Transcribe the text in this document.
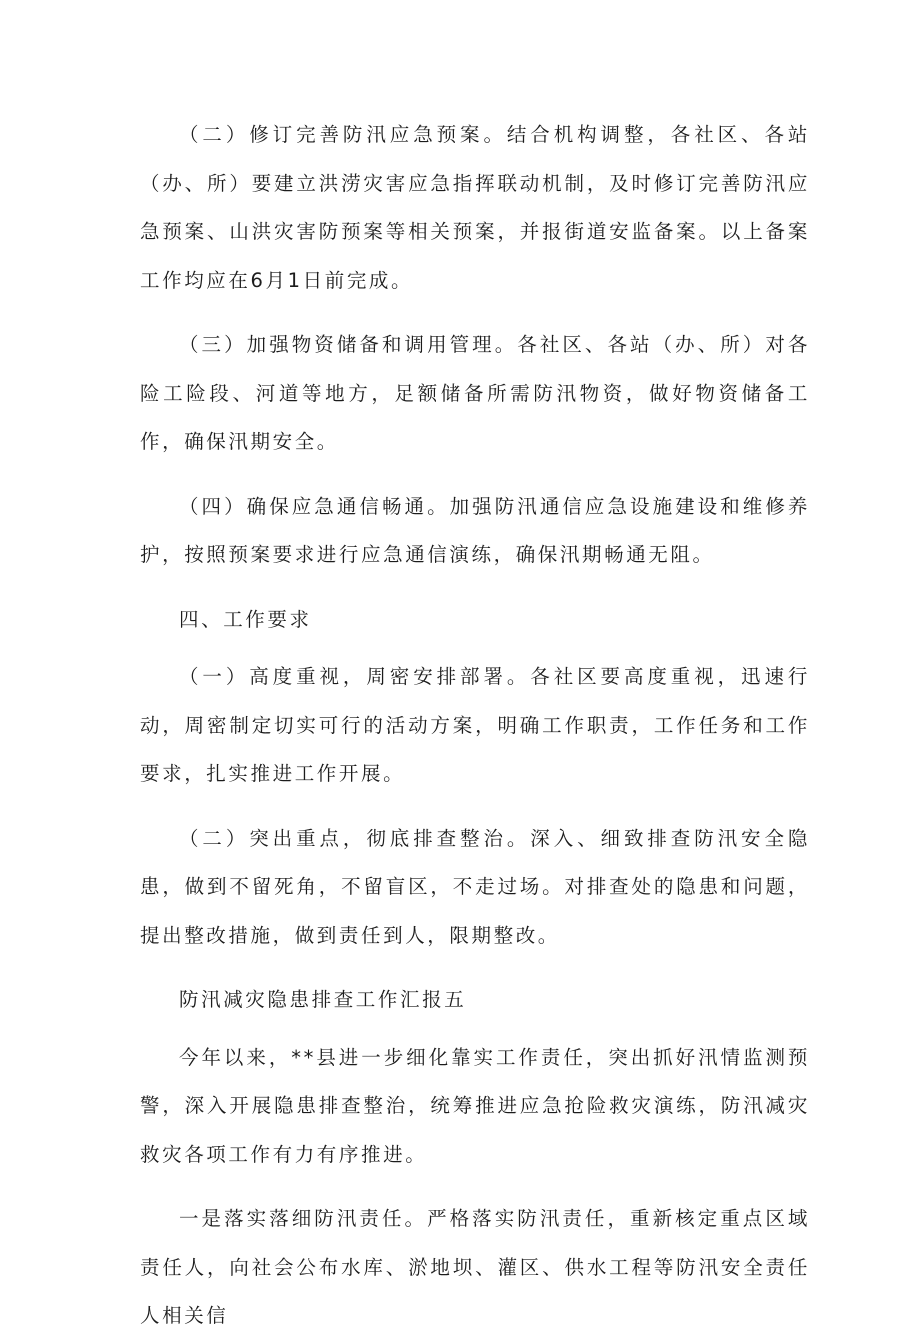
（二）修订完善防汛应急预案。结合机构调整，各社区、各站（办、所）要建立洪涝灾害应急指挥联动机制，及时修订完善防汛应急预案、山洪灾害防预案等相关预案，并报街道安监备案。以上备案工作均应在6月1日前完成。

（三）加强物资储备和调用管理。各社区、各站（办、所）对各险工险段、河道等地方，足额储备所需防汛物资，做好物资储备工作，确保汛期安全。

（四）确保应急通信畅通。加强防汛通信应急设施建设和维修养护，按照预案要求进行应急通信演练，确保汛期畅通无阻。

四、工作要求

（一）高度重视，周密安排部署。各社区要高度重视，迅速行动，周密制定切实可行的活动方案，明确工作职责，工作任务和工作要求，扎实推进工作开展。

（二）突出重点，彻底排查整治。深入、细致排查防汛安全隐患，做到不留死角，不留盲区，不走过场。对排查处的隐患和问题，提出整改措施，做到责任到人，限期整改。

防汛减灾隐患排查工作汇报五

今年以来，**县进一步细化靠实工作责任，突出抓好汛情监测预警，深入开展隐患排查整治，统筹推进应急抢险救灾演练，防汛减灾救灾各项工作有力有序推进。

一是落实落细防汛责任。严格落实防汛责任，重新核定重点区域责任人，向社会公布水库、淤地坝、灌区、供水工程等防汛安全责任人相关信
